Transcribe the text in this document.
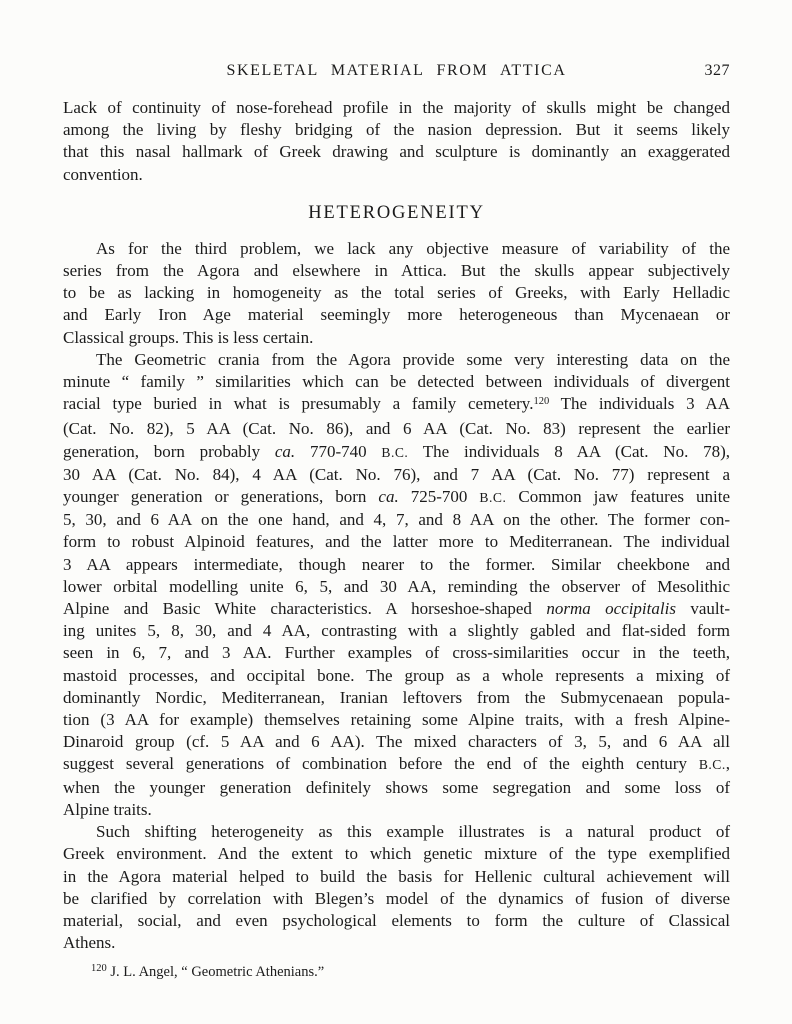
SKELETAL MATERIAL FROM ATTICA	327
Lack of continuity of nose-forehead profile in the majority of skulls might be changed
among the living by fleshy bridging of the nasion depression. But it seems likely
that this nasal hallmark of Greek drawing and sculpture is dominantly an exaggerated
convention.
HETEROGENEITY
As for the third problem, we lack any objective measure of variability of the
series from the Agora and elsewhere in Attica. But the skulls appear subjectively
to be as lacking in homogeneity as the total series of Greeks, with Early Helladic
and Early Iron Age material seemingly more heterogeneous than Mycenaean or
Classical groups. This is less certain.
The Geometric crania from the Agora provide some very interesting data on the
minute “ family ” similarities which can be detected between individuals of divergent
racial type buried in what is presumably a family cemetery.$^{120}$ The individuals 3 AA
(Cat. No. 82), 5 AA (Cat. No. 86), and 6 AA (Cat. No. 83) represent the earlier
generation, born probably ca. 770-740 B.C. The individuals 8 AA (Cat. No. 78),
30 AA (Cat. No. 84), 4 AA (Cat. No. 76), and 7 AA (Cat. No. 77) represent a
younger generation or generations, born ca. 725-700 B.C. Common jaw features unite
5, 30, and 6 AA on the one hand, and 4, 7, and 8 AA on the other. The former con-
form to robust Alpinoid features, and the latter more to Mediterranean. The individual
3 AA appears intermediate, though nearer to the former. Similar cheekbone and
lower orbital modelling unite 6, 5, and 30 AA, reminding the observer of Mesolithic
Alpine and Basic White characteristics. A horseshoe-shaped norma occipitalis vault-
ing unites 5, 8, 30, and 4 AA, contrasting with a slightly gabled and flat-sided form
seen in 6, 7, and 3 AA. Further examples of cross-similarities occur in the teeth,
mastoid processes, and occipital bone. The group as a whole represents a mixing of
dominantly Nordic, Mediterranean, Iranian leftovers from the Submycenaean popula-
tion (3 AA for example) themselves retaining some Alpine traits, with a fresh Alpine-
Dinaroid group (cf. 5 AA and 6 AA). The mixed characters of 3, 5, and 6 AA all
suggest several generations of combination before the end of the eighth century B.C.,
when the younger generation definitely shows some segregation and some loss of
Alpine traits.
Such shifting heterogeneity as this example illustrates is a natural product of
Greek environment. And the extent to which genetic mixture of the type exemplified
in the Agora material helped to build the basis for Hellenic cultural achievement will
be clarified by correlation with Blegen’s model of the dynamics of fusion of diverse
material, social, and even psychological elements to form the culture of Classical
Athens.
$^{120}$ J. L. Angel, “ Geometric Athenians.”
